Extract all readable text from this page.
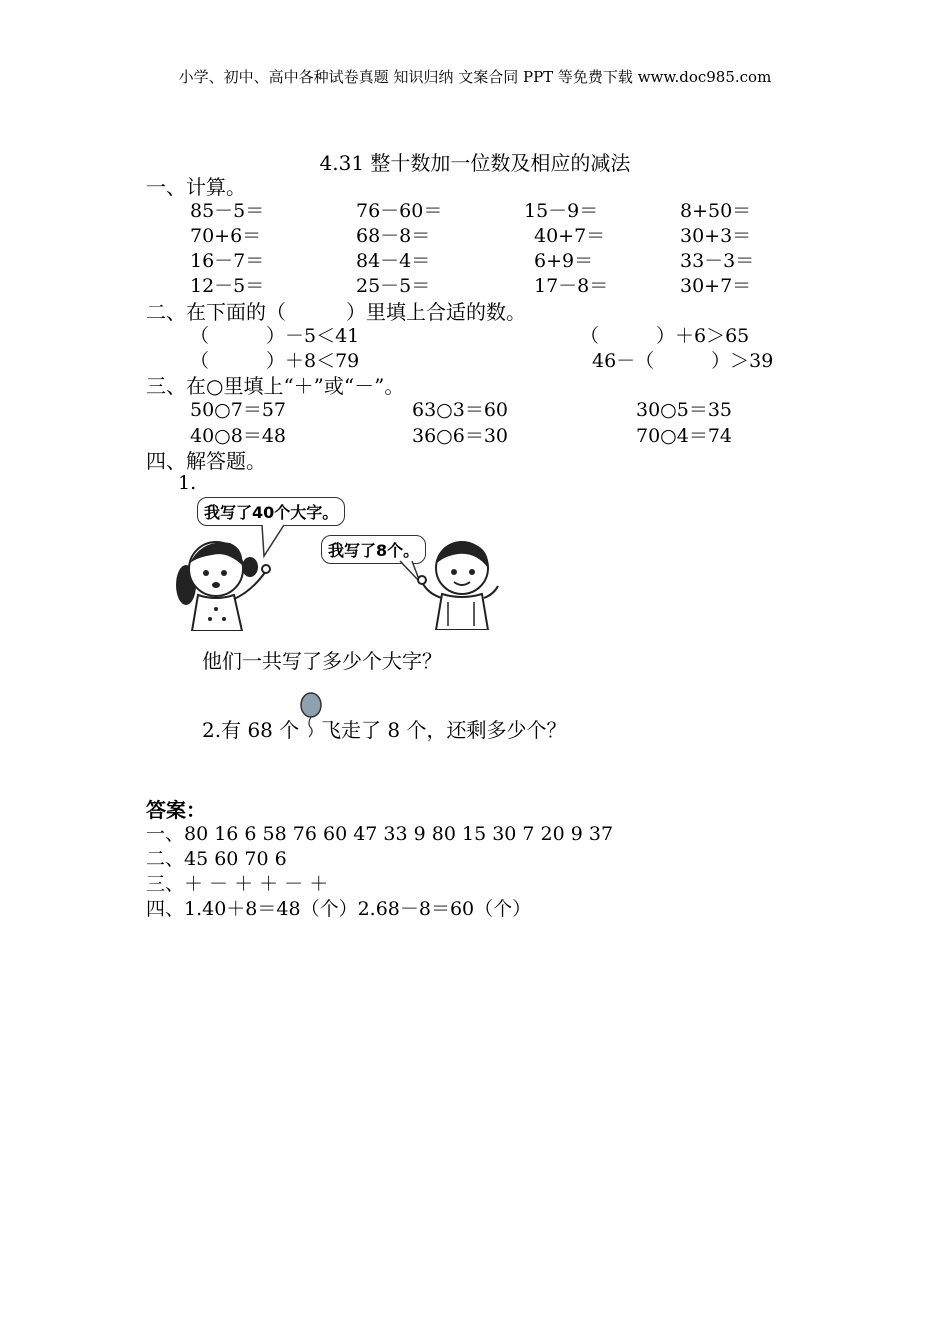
小学、初中、高中各种试卷真题 知识归纳 文案合同 PPT 等免费下载 www.doc985.com
4.31 整十数加一位数及相应的减法
一、计算。
85－5＝	76－60＝	15－9＝	8+50＝
70+6＝	68－8＝	40+7＝	30+3＝
16－7＝	84－4＝	6+9＝	33－3＝
12－5＝	25－5＝	17－8＝	30+7＝
二、在下面的（　　　）里填上合适的数。
（　　　）－5＜41	（　　　）＋6＞65
（　　　）＋8＜79	46－（　　　）＞39
三、在○里填上“＋”或“－”。
50○7＝57	63○3＝60	30○5＝35
40○8＝48	36○6＝30	70○4＝74
四、解答题。
1.
我写了40个大字。
我写了8个。
他们一共写了多少个大字？
2.有 68 个 飞走了 8 个，还剩多少个？
答案：
一、80 16 6 58 76 60 47 33 9 80 15 30 7 20 9 37
二、45 60 70 6
三、＋ － ＋ ＋ － ＋
四、1.40＋8＝48（个）2.68－8＝60（个）
